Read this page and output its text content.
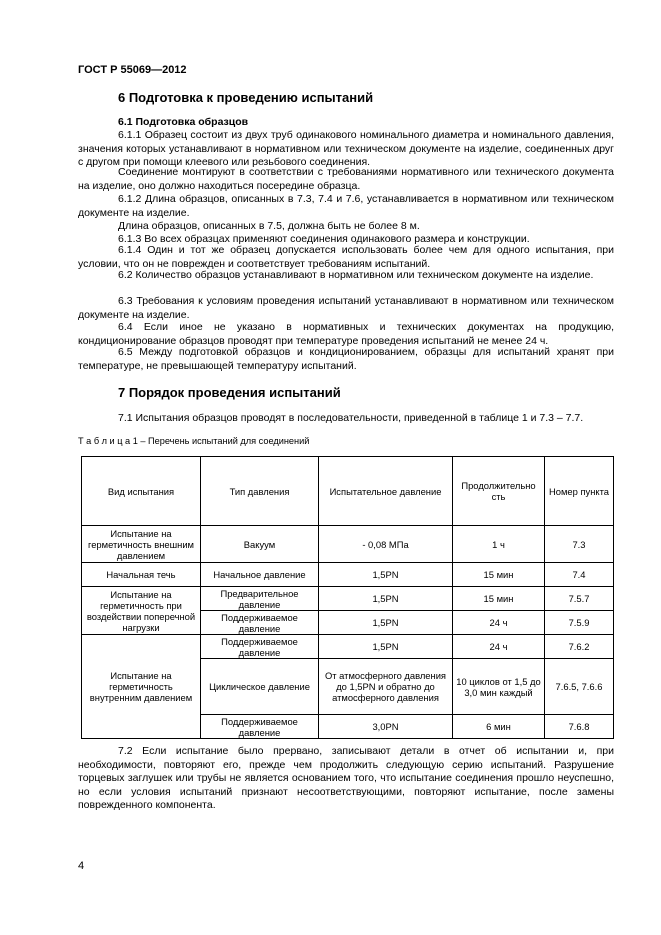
ГОСТ Р 55069—2012
6 Подготовка к проведению испытаний
6.1 Подготовка образцов

6.1.1 Образец состоит из двух труб одинакового номинального диаметра и номинального давления, значения которых устанавливают в нормативном или техническом документе на изделие, соединенных друг с другом при помощи клеевого или резьбового соединения.

Соединение монтируют в соответствии с требованиями нормативного или технического документа на изделие, оно должно находиться посередине образца.

6.1.2 Длина образцов, описанных в 7.3, 7.4 и 7.6, устанавливается в нормативном или техническом документе на изделие.

Длина образцов, описанных в 7.5, должна быть не более 8 м.

6.1.3 Во всех образцах применяют соединения одинакового размера и конструкции.

6.1.4 Один и тот же образец допускается использовать более чем для одного испытания, при условии, что он не поврежден и соответствует требованиям испытаний.

6.2 Количество образцов устанавливают в нормативном или техническом документе на изделие.

6.3 Требования к условиям проведения испытаний устанавливают в нормативном или техническом документе на изделие.

6.4 Если иное не указано в нормативных и технических документах на продукцию, кондиционирование образцов проводят при температуре проведения испытаний не менее 24 ч.

6.5 Между подготовкой образцов и кондиционированием, образцы для испытаний хранят при температуре, не превышающей температуру испытаний.

7 Порядок проведения испытаний

7.1 Испытания образцов проводят в последовательности, приведенной в таблице 1 и 7.3 – 7.7.

Т а б л и ц а 1 – Перечень испытаний для соединений
Вид испытания	Тип давления	Испытательное давление	Продолжительно сть	Номер пункта
Испытание на герметичность внешним давлением	Вакуум	- 0,08 МПа	1 ч	7.3
Начальная течь	Начальное давление	1,5PN	15 мин	7.4
Испытание на герметичность при воздействии поперечной нагрузки	Предварительное давление	1,5PN	15 мин	7.5.7
	Поддерживаемое давление	1,5PN	24 ч	7.5.9
Испытание на герметичность внутренним давлением	Поддерживаемое давление	1,5PN	24 ч	7.6.2
	Циклическое давление	От атмосферного давления до 1,5PN и обратно до атмосферного давления	10 циклов от 1,5 до 3,0 мин каждый	7.6.5, 7.6.6
	Поддерживаемое давление	3,0PN	6 мин	7.6.8

7.2 Если испытание было прервано, записывают детали в отчет об испытании и, при необходимости, повторяют его, прежде чем продолжить следующую серию испытаний. Разрушение торцевых заглушек или трубы не является основанием того, что испытание соединения прошло неуспешно, но если условия испытаний признают несоответствующими, повторяют испытание, после замены поврежденного компонента.

4
